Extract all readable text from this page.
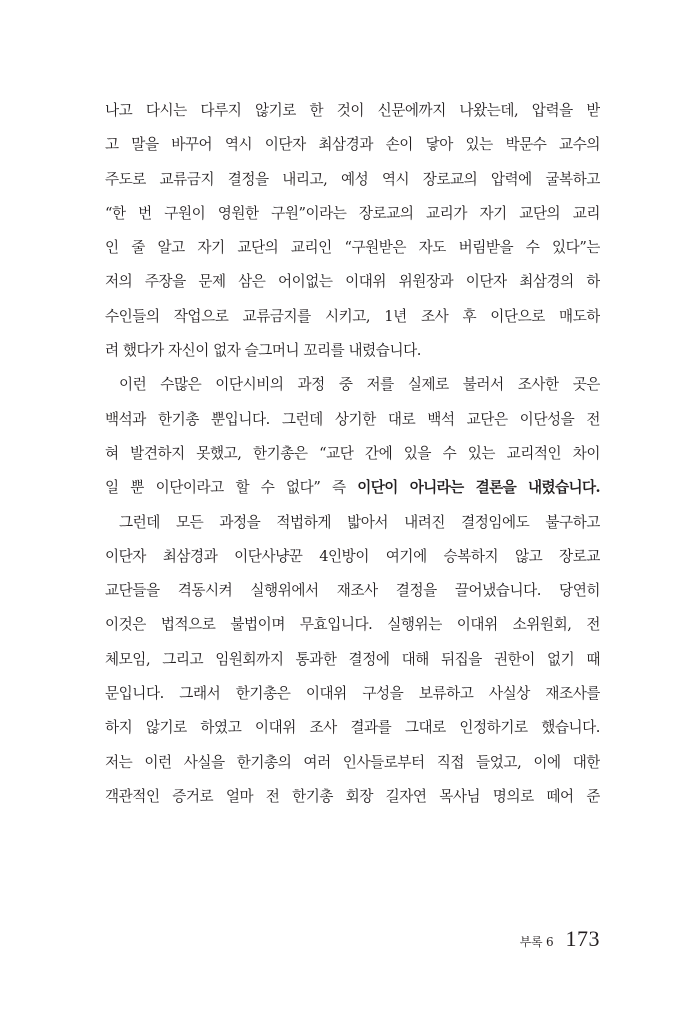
나고 다시는 다루지 않기로 한 것이 신문에까지 나왔는데, 압력을 받
고 말을 바꾸어 역시 이단자 최삼경과 손이 닿아 있는 박문수 교수의
주도로 교류금지 결정을 내리고, 예성 역시 장로교의 압력에 굴복하고
“한 번 구원이 영원한 구원”이라는 장로교의 교리가 자기 교단의 교리
인 줄 알고 자기 교단의 교리인 “구원받은 자도 버림받을 수 있다”는
저의 주장을 문제 삼은 어이없는 이대위 위원장과 이단자 최삼경의 하
수인들의 작업으로 교류금지를 시키고, 1년 조사 후 이단으로 매도하
려 했다가 자신이 없자 슬그머니 꼬리를 내렸습니다.
이런 수많은 이단시비의 과정 중 저를 실제로 불러서 조사한 곳은
백석과 한기총 뿐입니다. 그런데 상기한 대로 백석 교단은 이단성을 전
혀 발견하지 못했고, 한기총은 “교단 간에 있을 수 있는 교리적인 차이
일 뿐 이단이라고 할 수 없다” 즉 이단이 아니라는 결론을 내렸습니다.
그런데 모든 과정을 적법하게 밟아서 내려진 결정임에도 불구하고
이단자 최삼경과 이단사냥꾼 4인방이 여기에 승복하지 않고 장로교
교단들을 격동시켜 실행위에서 재조사 결정을 끌어냈습니다. 당연히
이것은 법적으로 불법이며 무효입니다. 실행위는 이대위 소위원회, 전
체모임, 그리고 임원회까지 통과한 결정에 대해 뒤집을 권한이 없기 때
문입니다. 그래서 한기총은 이대위 구성을 보류하고 사실상 재조사를
하지 않기로 하였고 이대위 조사 결과를 그대로 인정하기로 했습니다.
저는 이런 사실을 한기총의 여러 인사들로부터 직접 들었고, 이에 대한
객관적인 증거로 얼마 전 한기총 회장 길자연 목사님 명의로 떼어 준
부록 6 173
